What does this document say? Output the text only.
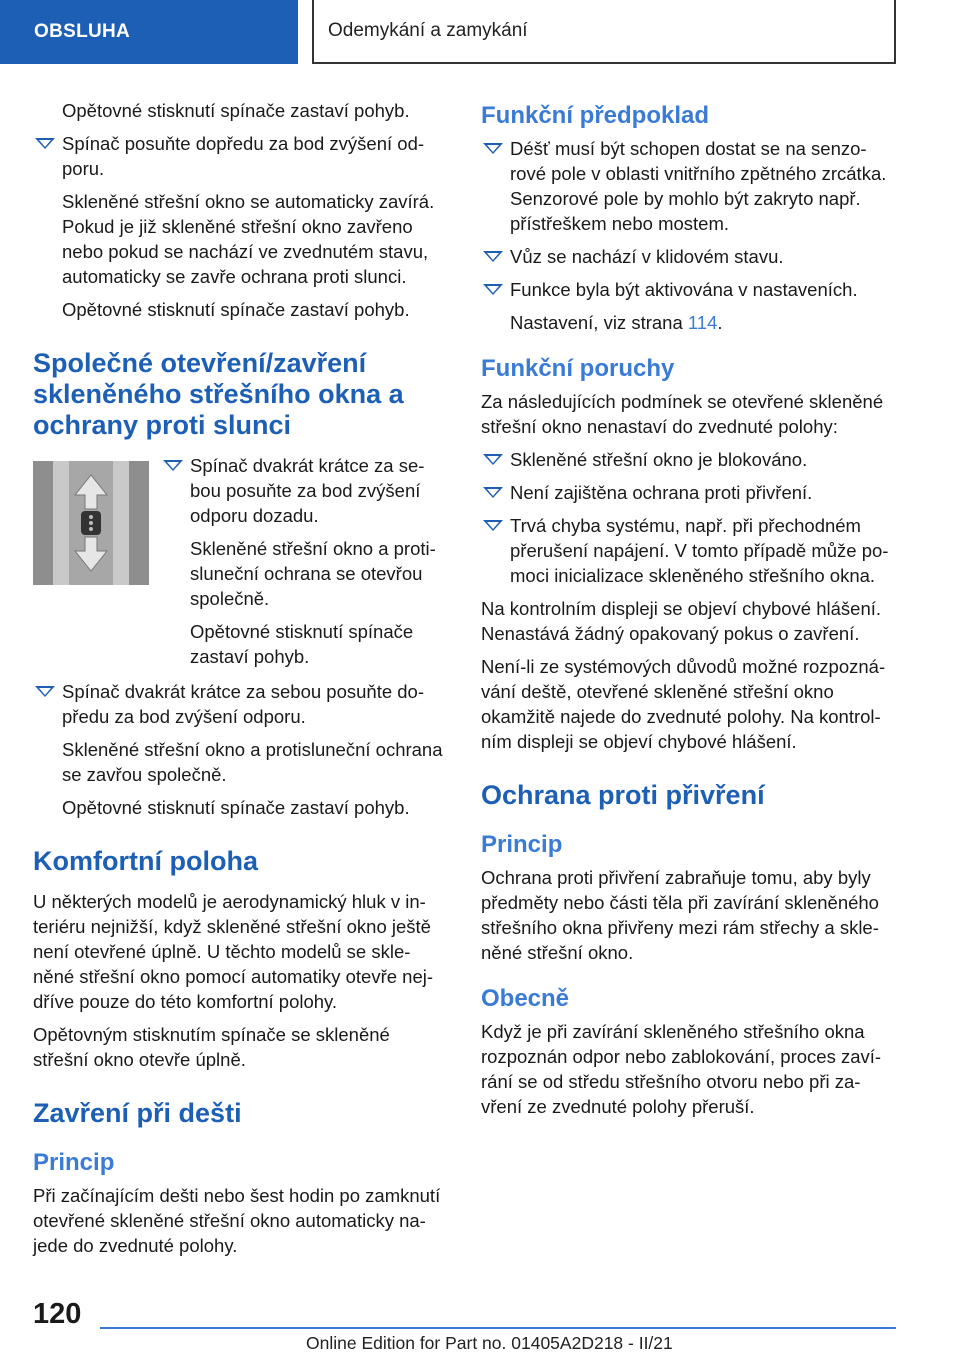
OBSLUHA	Odemykání a zamykání

Opětovné stisknutí spínače zastaví pohyb.

Spínač posuňte dopředu za bod zvýšení od-poru.

Skleněné střešní okno se automaticky zavírá. Pokud je již skleněné střešní okno zavřeno nebo pokud se nachází ve zvednutém stavu, automaticky se zavře ochrana proti slunci.

Opětovné stisknutí spínače zastaví pohyb.

Společné otevření/zavření skleněného střešního okna a ochrany proti slunci
Spínač dvakrát krátce za se-bou posuňte za bod zvýšení odporu dozadu.

Skleněné střešní okno a proti-sluneční ochrana se otevřou společně.

Opětovné stisknutí spínače zastaví pohyb.

Spínač dvakrát krátce za sebou posuňte do-předu za bod zvýšení odporu.

Skleněné střešní okno a protisluneční ochrana se zavřou společně.

Opětovné stisknutí spínače zastaví pohyb.

Komfortní poloha

U některých modelů je aerodynamický hluk v in-teriéru nejnižší, když skleněné střešní okno ještě není otevřené úplně. U těchto modelů se skle-něné střešní okno pomocí automatiky otevře nej-dříve pouze do této komfortní polohy.

Opětovným stisknutím spínače se skleněné střešní okno otevře úplně.

Zavření při dešti
Princip

Při začínajícím dešti nebo šest hodin po zamknutí otevřené skleněné střešní okno automaticky na-jede do zvednuté polohy.

Funkční předpoklad
Déšť musí být schopen dostat se na senzo-rové pole v oblasti vnitřního zpětného zrcátka. Senzorové pole by mohlo být zakryto např. přístřeškem nebo mostem.
Vůz se nachází v klidovém stavu.
Funkce byla být aktivována v nastaveních.

Nastavení, viz strana 114.

Funkční poruchy

Za následujících podmínek se otevřené skleněné střešní okno nenastaví do zvednuté polohy:

Skleněné střešní okno je blokováno.
Není zajištěna ochrana proti přivření.
Trvá chyba systému, např. při přechodném přerušení napájení. V tomto případě může po-moci inicializace skleněného střešního okna.

Na kontrolním displeji se objeví chybové hlášení. Nenastává žádný opakovaný pokus o zavření.

Není-li ze systémových důvodů možné rozpozná-vání deště, otevřené skleněné střešní okno okamžitě najede do zvednuté polohy. Na kontrol-ním displeji se objeví chybové hlášení.

Ochrana proti přivření
Princip

Ochrana proti přivření zabraňuje tomu, aby byly předměty nebo části těla při zavírání skleněného střešního okna přivřeny mezi rám střechy a skle-něné střešní okno.

Obecně

Když je při zavírání skleněného střešního okna rozpoznán odpor nebo zablokování, proces zaví-rání se od středu střešního otvoru nebo při za-vření ze zvednuté polohy přeruší.

120
Online Edition for Part no. 01405A2D218 - II/21
